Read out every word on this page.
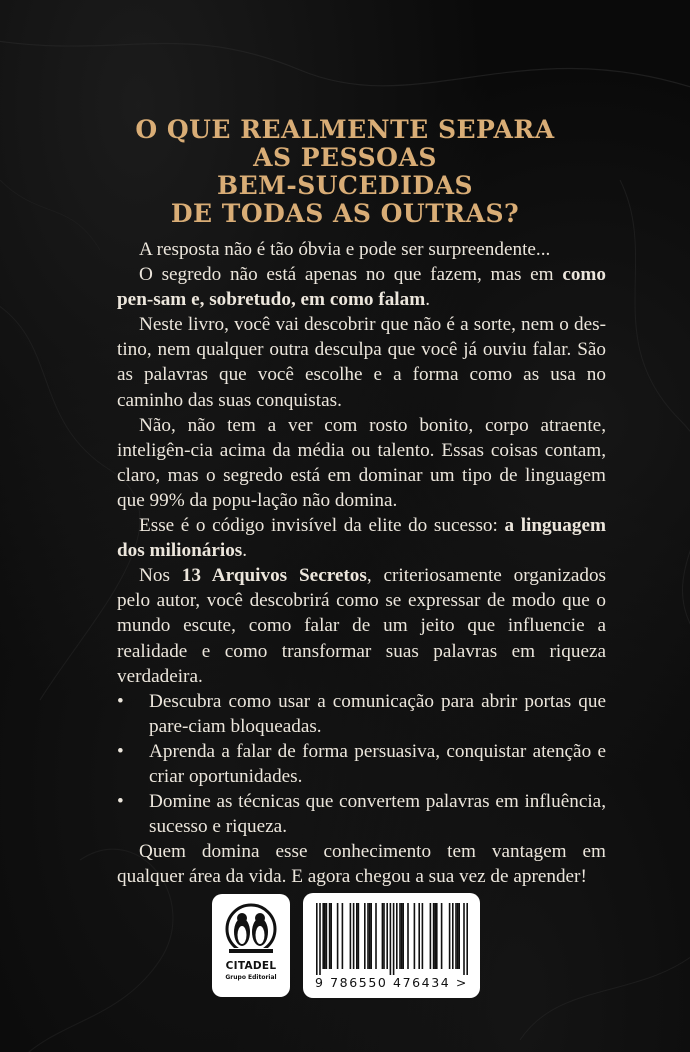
O QUE REALMENTE SEPARA
AS PESSOAS
BEM-SUCEDIDAS
DE TODAS AS OUTRAS?

A resposta não é tão óbvia e pode ser surpreendente...

O segredo não está apenas no que fazem, mas em como pen-sam e, sobretudo, em como falam.

Neste livro, você vai descobrir que não é a sorte, nem o des-tino, nem qualquer outra desculpa que você já ouviu falar. São as palavras que você escolhe e a forma como as usa no caminho das suas conquistas.

Não, não tem a ver com rosto bonito, corpo atraente, inteligên-cia acima da média ou talento. Essas coisas contam, claro, mas o segredo está em dominar um tipo de linguagem que 99% da popu-lação não domina.

Esse é o código invisível da elite do sucesso: a linguagem dos milionários.

Nos 13 Arquivos Secretos, criteriosamente organizados pelo autor, você descobrirá como se expressar de modo que o mundo escute, como falar de um jeito que influencie a realidade e como transformar suas palavras em riqueza verdadeira.

• Descubra como usar a comunicação para abrir portas que pare-ciam bloqueadas.

• Aprenda a falar de forma persuasiva, conquistar atenção e criar oportunidades.

• Domine as técnicas que convertem palavras em influência, sucesso e riqueza.

Quem domina esse conhecimento tem vantagem em qualquer área da vida. E agora chegou a sua vez de aprender!

CITADEL
Grupo Editorial	9 786550 476434 >
